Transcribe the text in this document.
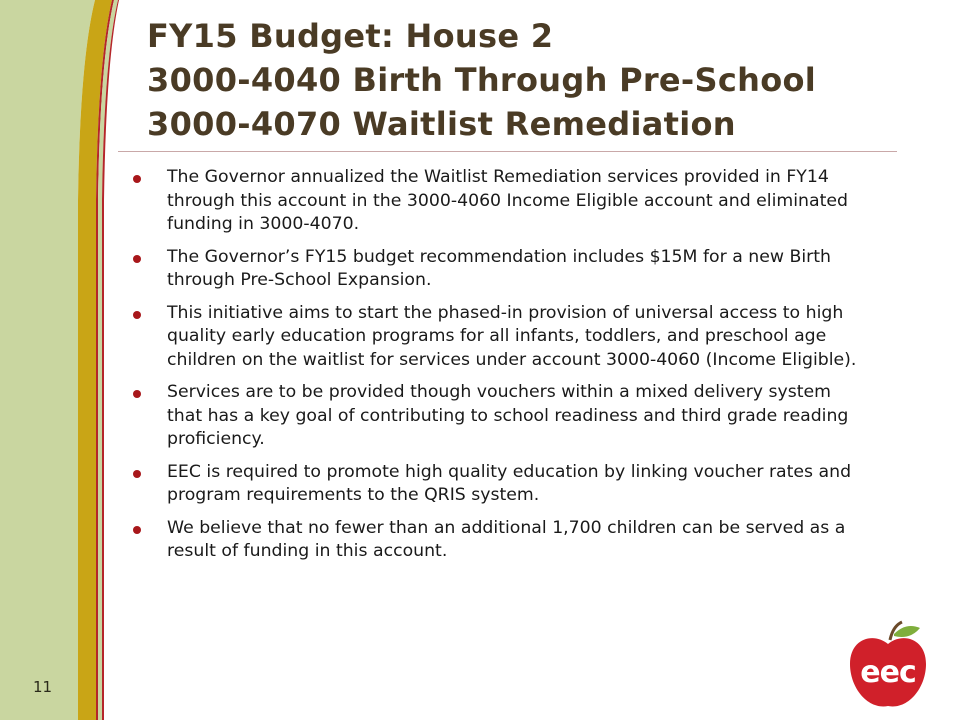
FY15 Budget: House 2
3000-4040 Birth Through Pre-School
3000-4070 Waitlist Remediation
The Governor annualized the Waitlist Remediation services provided in FY14 through this account in the 3000-4060 Income Eligible account and eliminated funding in 3000-4070.
The Governor’s FY15 budget recommendation includes $15M for a new Birth through Pre-School Expansion.
This initiative aims to start the phased-in provision of universal access to high quality early education programs for all infants, toddlers, and preschool age children on the waitlist for services under account 3000-4060 (Income Eligible).
Services are to be provided though vouchers within a mixed delivery system that has a key goal of contributing to school readiness and third grade reading proficiency.
EEC is required to promote high quality education by linking voucher rates and program requirements to the QRIS system.
We believe that no fewer than an additional 1,700 children can be served as a result of funding in this account.
11	eec
